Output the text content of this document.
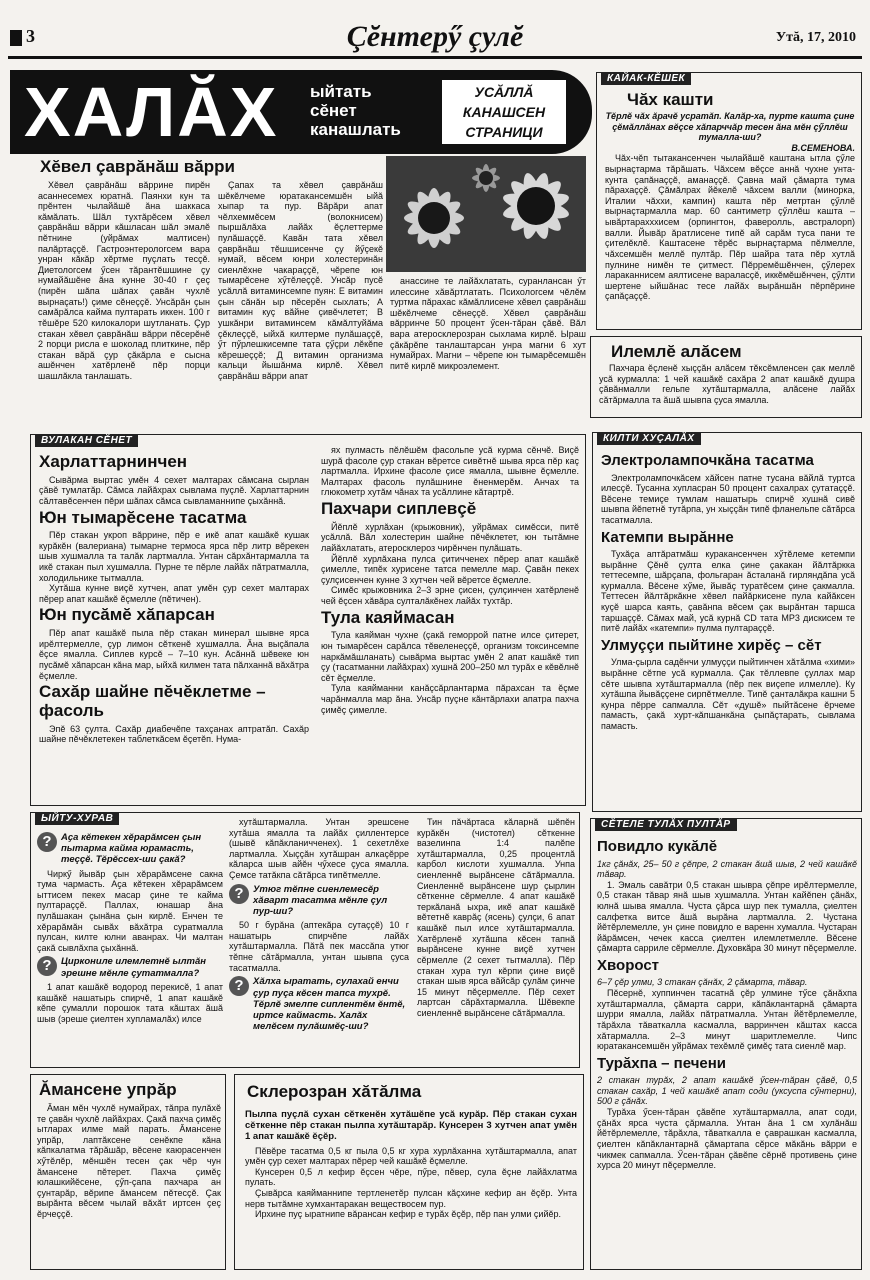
3	Çĕнтерӳ çулĕ	Утă, 17, 2010
ХАЛĂХ ыйтать
сĕнет
канашлать
УСĂЛЛĂ
КАНАШСЕН
СТРАНИЦИ
Хĕвел çаврăнăш вăрри

Хĕвел çаврăнăш вăррине пирĕн асаннесемех юратнă. Паянхи кун та прĕнтен чылайăшĕ ăна шаккаса кăмăлать. Шăл тухтăрĕсем хĕвел çаврăнăш вăрри кăшласан шăл эмалĕ пĕтнине (уйрăмах малтисен) палăртаççĕ. Гастроэнтерологсем вара унран кăкăр хĕртме пуçлать тесçĕ. Диетологсем ӳсен тăрантĕшшине çу нумайăшĕне ăна кунне 30-40 г çеç (пирĕн шăпа шăпах çавăн чухлĕ вырнаçать!) çиме сĕнеççĕ. Унсăрăн çын самăрăлса кайма пултарать иккен. 100 г тĕшĕре 520 килокалори шутланать. Çур стакан хĕвел çаврăнăш вăрри пĕсерĕнĕ 2 порци рисла е шоколад плиткине, пĕр стакан вăрă çур çăкăрла е сысна ашĕнчен хатĕрленĕ пĕр порци шашлăкла танлашать.

Çапах та хĕвел çаврăнăш шĕкĕлчеме юратакансемшĕн ыйă хыпар та пур. Вăрăри апат чĕлхеммĕсем (волокнисем) пыршăлăха лайăх ĕçлеттерме пулăшаççĕ. Кавăн тата хĕвел çаврăнăш тĕшшисенче çу йӳçекĕ нумай, вĕсем юнри холестеринăн сиенлĕхне чакараççĕ, чĕрепе юн тымарĕсене хӳтĕлеççĕ. Унсăр пусĕ усăллă витаминсемпе пуян: Е витамин çын сăнăн ыр пĕсерĕн сыхлать; А витамин куç вăйне çивĕчлетет; В ушкăнри витаминсем кăмăлтуйăма çĕклеççĕ, ыйхă килтерме пулăшаççĕ, ӳт пӳрлешкисемпе тата çӳçри лĕкĕпе кĕрешеççĕ; Д витамин организма кальци йышăнма кирлĕ. Хĕвел çаврăнăш вăрри апат

анассине те лайăхлатать, суранлансан ӳт илессине хăвăртлатать. Психологсем чĕлĕм туртма пăрахас кăмăллисене хĕвел çаврăнăш шĕкĕлчеме сĕнеççĕ. Хĕвел çаврăнăш вăрринче 50 процент ӳсен-тăран çăвĕ. Вăл вара атеросклерозран сыхлама кирлĕ. Ыраш çăкăрĕпе танлаштарсан унра магни 6 хут нумайрах. Магни – чĕрепе юн тымарĕсемшĕн питĕ кирлĕ микроэлемент.

КАЙАК-КĔШЕК
Чăх кашти

Тĕрлĕ чăх ăрачĕ усратăп. Калăр-ха, пурте кашта çине çĕмăллăнах вĕçсе хăпарччăр тесен ăна мĕн çӳллĕш тумалла-ши?

В.СЕМЕНОВА.

Чăх-чĕп тытакансенчен чылайăшĕ каштана ытла çӳле вырнаçтарма тăрăшать. Чăхсем вĕçсе аннă чухне унта-кунта çапăнаççĕ, аманаççĕ. Çавна май çăмарта тума пăрахаççĕ. Çăмăлрах йĕкелĕ чăхсем валли (минорка, Италии чăххи, кампин) кашта пĕр метртан çӳллĕ вырнаçтармалла мар. 60 сантиметр çӳллĕш кашта – ывăртарахххисем (орпингтон, фаверолль, австралорп) валли. Йывăр ăратлисене типĕ ай сарăм туса пани те çителĕклĕ. Каштасене тĕрĕс вырнаçтарма пĕлмелле, чăхсемшĕн меллĕ пултăр. Пĕр шайра тата пĕр хутлă пулнине нимĕн те çитмест. Пĕрремĕшĕнчен, çӳлерех лараканнисем аялтисене вараласçĕ, иккĕмĕшĕнчен, çӳлти шертене ыйшăнас тесе лайăх вырăншăн пĕрпĕрине çапăçаççĕ.

Илемлĕ алăсем

Пахчара ĕçленĕ хыççăн алăсем тĕксĕмленсен çак меллĕ усă курмалла: 1 чей кашăкĕ сахăра 2 апат кашăкĕ душра çăвăнмалли гельпе хутăштармалла, алăсене лайăх сăтăрмалла та ăшă шывпа çуса ямалла.

ВУЛАКАН СĔНЕТ
Харлаттарнинчен

Сывăрма выртас умĕн 4 сехет малтарах сăмсана сырлан çăвĕ тумлатăр. Сăмса лайăхрах сывлама пуçлĕ. Харлаттарнин сăлтавĕсенчен пĕри шăпах сăмса сывламаннипе çыхăннă.

Юн тымарĕсене тасатма

Пĕр стакан укроп вăррине, пĕр е икĕ апат кашăкĕ кушак курăкĕн (валериана) тымарне термоса ярса пĕр литр вĕрекен шыв хушмалла та талăк лартмалла. Унтан сăрхăнтармалла та икĕ стакан пыл хушмалла. Пурне те пĕрле лайăх пăтратмалла, холодильнике тытмалла.

Хутăша кунне виçĕ хутчен, апат умĕн çур сехет малтарах пĕрер апат кашăкĕ ĕçмелле (пĕтичен).

Юн пусăмĕ хăпарсан

Пĕр апат кашăкĕ пыла пĕр стакан минерал шывне ярса ирĕлтермелле, çур лимон сĕткенĕ хушмалла. Ăна выçăпала ĕçсе ямалла. Сиплев курсĕ – 7–10 кун. Асăннă шĕвеке юн пусăмĕ хăпарсан кăна мар, ыйхă килмен тата пăлханнă вăхăтра ĕçмелле.

Сахăр шайне пĕчĕклетме – фасоль

Эпĕ 63 çулта. Сахăр диабечĕпе тахçанах аптратăп. Сахăр шайне пĕчĕклетекен таблеткăсем ĕçетĕп. Нума-

ях пулмасть пĕлĕшĕм фасольпе усă курма сĕнчĕ. Виçĕ шурă фасоле çур стакан вĕретсе сивĕтнĕ шыва ярса пĕр каç лартмалла. Ирхине фасоле çисе ямалла, шывне ĕçмелле. Малтарах фасоль пулăшнине ĕненмерĕм. Анчах та глюкометр хутăм чăнах та усăллине кăтартрĕ.

Пахчари сиплевçĕ

Йĕплĕ хурлăхан (крыжовник), уйрăмах симĕсси, питĕ усăллă. Вăл холестерин шайне пĕчĕклетет, юн тытăмне лайăхлатать, атеросклероз чирĕнчен пулăшать.

Йĕплĕ хурлăхана пулса çитичченех пĕрер апат кашăкĕ çимелле, типĕк хурисене татса пемелле мар. Çавăн пекех çулçисенчен кунне 3 хутчен чей вĕретсе ĕçмелле.

Симĕс крыжовника 2–3 эрне çисен, çулçинчен хатĕрленĕ чей ĕçсен хăвăра султалăкĕнех лайăх тухтăр.

Тула каяймасан

Тула каяйман чухне (çакă геморрой патне илсе çитерет, юн тымарĕсен сарăлса тĕвеленеççĕ, организм токсинсемпе наркăмăшланать) сывăрма выртас умĕн 2 апат кашăкĕ тип çу (тасатманни лайăхрах) хушнă 200–250 мл турăх е кĕвĕлнĕ сĕт ĕçмелле.

Тула каяйманни канăçсăрлантарма пăрахсан та ĕçме чарăнмалла мар ăна. Унсăр пуçне кăнтăрлахи апатра пахча çимĕç çимелле.

КИЛТИ ХУÇАЛĂХ
Электролампочкăна тасатма

Электролампочкăсем хăйсен патне тусана вăйлă туртса илесçĕ. Тусанна хупласран 50 процент сахалрах çутатаççĕ. Вĕсене темиçе тумлам нашатырь спирчĕ хушнă сивĕ шывпа йĕпетнĕ тутăрпа, ун хыççăн типĕ фланельпе сăтăрса тасатмалла.

Катемпи вырăнне

Тухăçа аптăратмăш куракансенчен хӳтĕлеме кетемпи вырăнне Çĕнĕ çулта елка çине çакакан йăлтăркка теттесемпе, шăрçапа, фольгаран ăсталанă гирляндăпа усă курмалла. Вĕсене хӳме, йывăç туратĕсем çине çакмалла. Теттесен йăлтăркăкне хĕвел пайăркисене пула кайăксен куçĕ шарса каять, çавăнпа вĕсем çак вырăнтан таршса таршаççĕ. Сăмах май, усă курнă CD тата МР3 дискисем те питĕ лайăх «катемпи» пулма пултараççĕ.

Улмуççи пыйтине хирĕç – сĕт

Улма-çырла садĕнчи улмуççи пыйтинчен хăтăлма «хими» вырăнне сĕтпе усă курмалла. Çак тĕллевпе çуллах мар сĕте шывпа хутăштармалла (пĕр пек виçепе илмелле). Ку хутăшпа йывăççене сирпĕтмелле. Типĕ çанталăкра кашни 5 кунра пĕрре сапмалла. Сĕт «душĕ» пыйтăсене ĕрчеме памасть, çакă хурт-кăпшанкăна çыпăçтарать, сывлама памасть.

ЫЙТУ-ХУРАВ
? Аҫа кĕтекен хĕрарăмсен çын пытарма кайма юрамасть, теççĕ. Тĕрĕссех-ши çакă?

Чиркӳ йывăр çын хĕрарăмсене сакна тума чармасть. Аҫа кĕтекен хĕрарăмсем ыттисем пекех масар çине те кайма пултараççĕ. Паллах, юнашар ăна пулăшакан çынăна çын кирлĕ. Енчен те хĕрарăмăн сывăх вăхăтра суратмалла пулсан, килте юлни аванрах. Чи малтан çакă сывлăхпа çыхăннă.

? Циркониле илемлетнĕ ылтăн эрешне мĕнле çутатмалла?

1 апат кашăкĕ водород перекисĕ, 1 апат кашăкĕ нашатырь спирчĕ, 1 апат кашăкĕ кĕпе çумалли порошок тата кăштах ăшă шыв (эреше çиелтен хупламалăх) илсе

хутăштармалла. Унтан эрешсене хутăша ямалла та лайăх çиллентерсе (шывĕ кăпăкланичченех). 1 сехетлĕхе лартмалла. Хыççăн хутăшран алкаçĕрре кăларса шыв айĕн чӳхесе çуса ямалла. Çемсе татăкпа сăтăрса типĕтмелле.

? Утюг тĕпне сиенлемесĕр хăварт тасатма мĕнле çул пур-ши?

50 г бурăна (аптекăра сутаççĕ) 10 г нашатырь спирчĕпе лайăх хутăштармалла. Пăтă пек массăпа утюг тĕпне сăтăрмалла, унтан шывпа çуса тасатмалла.

? Хăлха ыратать, сулахай енчи çур пуçа кĕсен тапса тухрĕ. Тĕрлĕ эмелпе сиплентĕм ĕнтĕ, иртсе каймасть. Халăх мелĕсем пулăшмĕç-ши?

Тин пăчăртаса кăларнă шĕпĕн курăкĕн (чистотел) сĕткенне вазелинпа 1:4 палĕпе хутăштармалла, 0,25 процентлă карбол кислоти хушмалла. Унпа сиенленнĕ вырăнсене сăтăрмалла. Сиенленнĕ вырăнсене шур çырлин сĕткенне сĕрмелле. 4 апат кашăкĕ теркăланă ыхра, икĕ апат кашăкĕ вĕтетнĕ каврăç (ясень) çулçи, 6 апат кашăкĕ пыл илсе хутăштармалла. Хатĕрленĕ хутăшпа кĕсен тапнă вырăнсене кунне виçĕ хутчен сĕрмелле (2 сехет тытмалла). Пĕр стакан хура тул кĕрпи çине виçĕ стакан шыв ярса вăйсăр çулăм çинче 15 минут пĕçермелле. Пĕр сехет лартсан сăрăхтармалла. Шĕвекпе сиенленнĕ вырăнсене сăтăрмалла.

Ăмансене упрăр

Ăман мĕн чухлĕ нумайрах, тăпра пулăхĕ те çавăн чухлĕ лайăхрах. Çакă пахча çимĕç ытларах илме май парать. Ăмансене упрăр, лаптăксене сенĕкпе кăна кăпкалатма тăрăшăр, вĕсене каюрасенчен хӳтĕлĕр, мĕншĕн тесен çак чĕр чун ăмансене пĕтерет. Пахча çимĕç юлашкийĕсене, çӳп-çапа пахчара ан çунтарăр, вĕрипе ăмансем пĕтесçĕ. Çак вырăнта вĕсем чылай вăхăт иртсен çеç ĕрчеççĕ.

Склерозран хăтăлма

Пылпа пуçлă сухан сĕткенĕн хутăшĕпе усă курăр. Пĕр стакан сухан сĕткенне пĕр стакан пылпа хутăштарăр. Кунсерен 3 хутчен апат умĕн 1 апат кашăкĕ ĕçĕр.

Пĕвĕре тасатма 0,5 кг пыла 0,5 кг хура хурлăханна хутăштармалла, апат умĕн çур сехет малтарах пĕрер чей кашăкĕ ĕçмелле.

Кунсерен 0,5 л кефир ĕçсен чĕре, пӳре, пĕвер, сула ĕçне лайăхлатма пулать.

Çывăрса каяйманнипе тертленетĕр пулсан кăçхине кефир ан ĕçĕр. Унта нерв тытăмне хумхантаракан веществосем пур.

Ирхине пуç ыратнипе вăрансан кефир е турăх ĕçĕр, пĕр пан улми çийĕр.

СĔТЕЛЕ ТУЛĂХ ПУЛТĂР
Повидло кукăлĕ

1кг çăнăх, 25– 50 г çĕпре, 2 стакан ăшă шыв, 2 чей кашăкĕ тăвар.

1. Эмаль савăтри 0,5 стакан шывра çĕпре ирĕлтермелле, 0,5 стакан тăвар янă шыв хушмалла. Унтан кайĕпен çăнăх, юлнă шыва ямалла. Чуста çăрса шур пек тумалла, çиелтен салфетка витсе ăшă вырăна лартмалла. 2. Чустана йĕтĕрлемелле, ун çине повидло е варенн хумалла. Чустаран йăрăмсен, чечек касса çиелтен илемлетмелле. Вĕсене çăмарта сарриле сĕрмелле. Духовкăра 30 минут пĕçермелле.

Хворост

6–7 çĕр улми, 3 стакан çăнăх, 2 çăмарта, тăвар.

Пĕсернĕ, хуппинчен тасатнă çĕр улмине тӳсе çăнăхпа хутăштармалла, çăмарта сарри, кăпăклантарнă çăмарта шурри ямалла, лайăх пăтратмалла. Унтан йĕтĕрлемелле, тăрăхла тăваткалла касмалла, варринчен кăштах касса хăтармалла. 2–3 минут шаритлемелле. Чипс юратакансемшĕн уйрăмах техĕмлĕ çимĕç тата сиенлĕ мар.

Турăхпа – печени

2 стакан турăх, 2 апат кашăкĕ ӳсен-тăран çăвĕ, 0,5 стакан сахăр, 1 чей кашăкĕ апат соди (уксуспа сӳнтерни), 500 г çăнăх.

Турăха ӳсен-тăран çăвĕпе хутăштармалла, апат соди, çăнăх ярса чуста çăрмалла. Унтан ăна 1 см хулăнăш йĕтĕрлемелле, тăрăхла, тăваткалла е çаврашкан касмалла, çиелтен кăпăклантарнă çăмартапа сĕрсе мăкăнь вăрри е чикмек сапмалла. Ӳсен-тăран çăвĕпе сĕрнĕ противень çине хурса 20 минут пĕçермелле.
